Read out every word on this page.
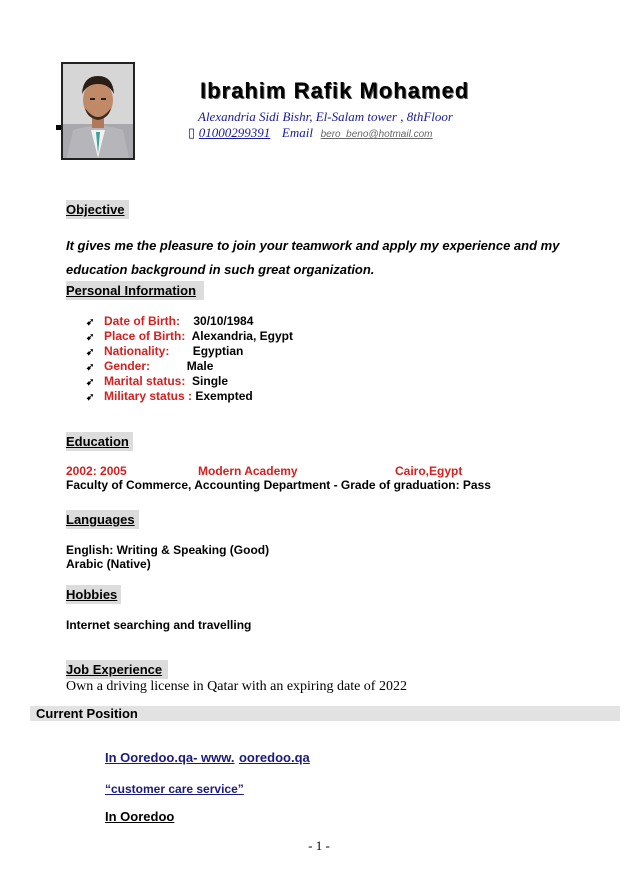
Ibrahim Rafik Mohamed
Alexandria Sidi Bishr, El-Salam tower , 8thFloor
▯ 01000299391 Email bero_beno@hotmail.com
Objective
It gives me the pleasure to join your teamwork and apply my experience and my education background in such great organization.
Personal Information
➹ Date of Birth: 30/10/1984
➹ Place of Birth: Alexandria, Egypt
➹ Nationality: Egyptian
➹ Gender:	Male
➹ Marital status: Single
➹ Military status : Exempted
Education
2002: 2005	Modern Academy	Cairo,Egypt
Faculty of Commerce, Accounting Department - Grade of graduation: Pass
Languages
English: Writing & Speaking (Good)
Arabic (Native)
Hobbies
Internet searching and travelling
Job Experience
Own a driving license in Qatar with an expiring date of 2022
Current Position
In Ooredoo.qa- www. ooredoo.qa
“customer care service”
In Ooredoo
- 1 -
